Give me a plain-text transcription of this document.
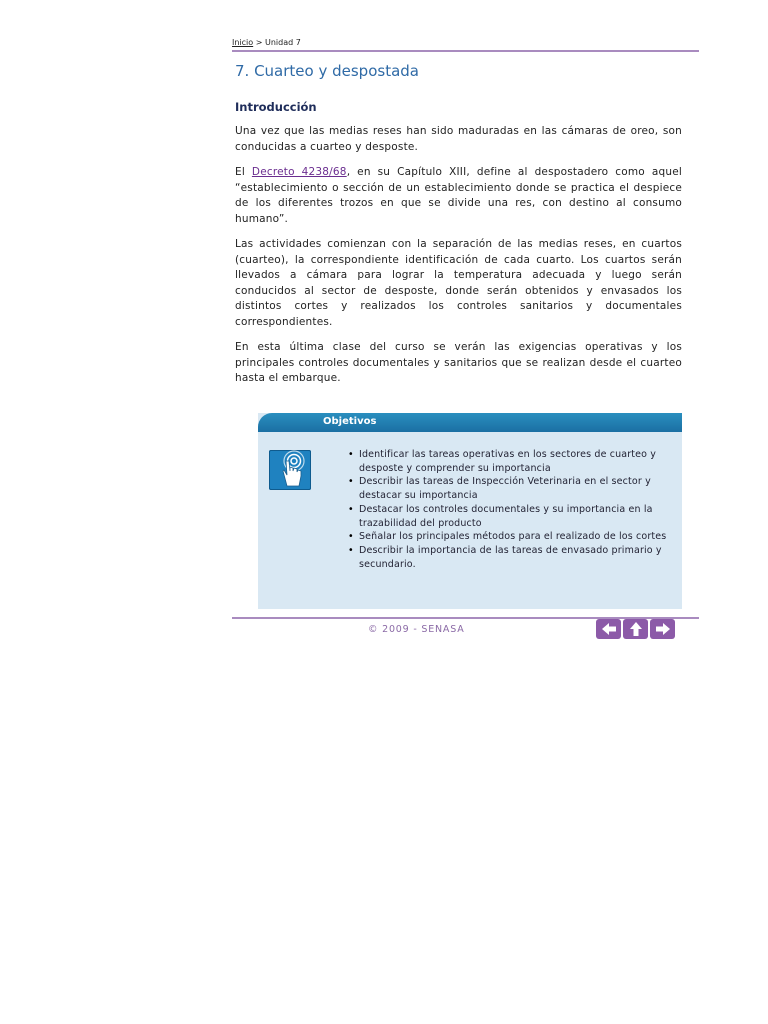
Inicio > Unidad 7
7. Cuarteo y despostada
Introducción

Una vez que las medias reses han sido maduradas en las cámaras de oreo, son conducidas a cuarteo y desposte.

El Decreto 4238/68, en su Capítulo XIII, define al despostadero como aquel “establecimiento o sección de un establecimiento donde se practica el despiece de los diferentes trozos en que se divide una res, con destino al consumo humano”.

Las actividades comienzan con la separación de las medias reses, en cuartos (cuarteo), la correspondiente identificación de cada cuarto. Los cuartos serán llevados a cámara para lograr la temperatura adecuada y luego serán conducidos al sector de desposte, donde serán obtenidos y envasados los distintos cortes y realizados los controles sanitarios y documentales correspondientes.

En esta última clase del curso se verán las exigencias operativas y los principales controles documentales y sanitarios que se realizan desde el cuarteo hasta el embarque.

Objetivos
• Identificar las tareas operativas en los sectores de cuarteo y desposte y comprender su importancia
• Describir las tareas de Inspección Veterinaria en el sector y destacar su importancia
• Destacar los controles documentales y su importancia en la trazabilidad del producto
• Señalar los principales métodos para el realizado de los cortes
• Describir la importancia de las tareas de envasado primario y secundario.
© 2009 - SENASA
